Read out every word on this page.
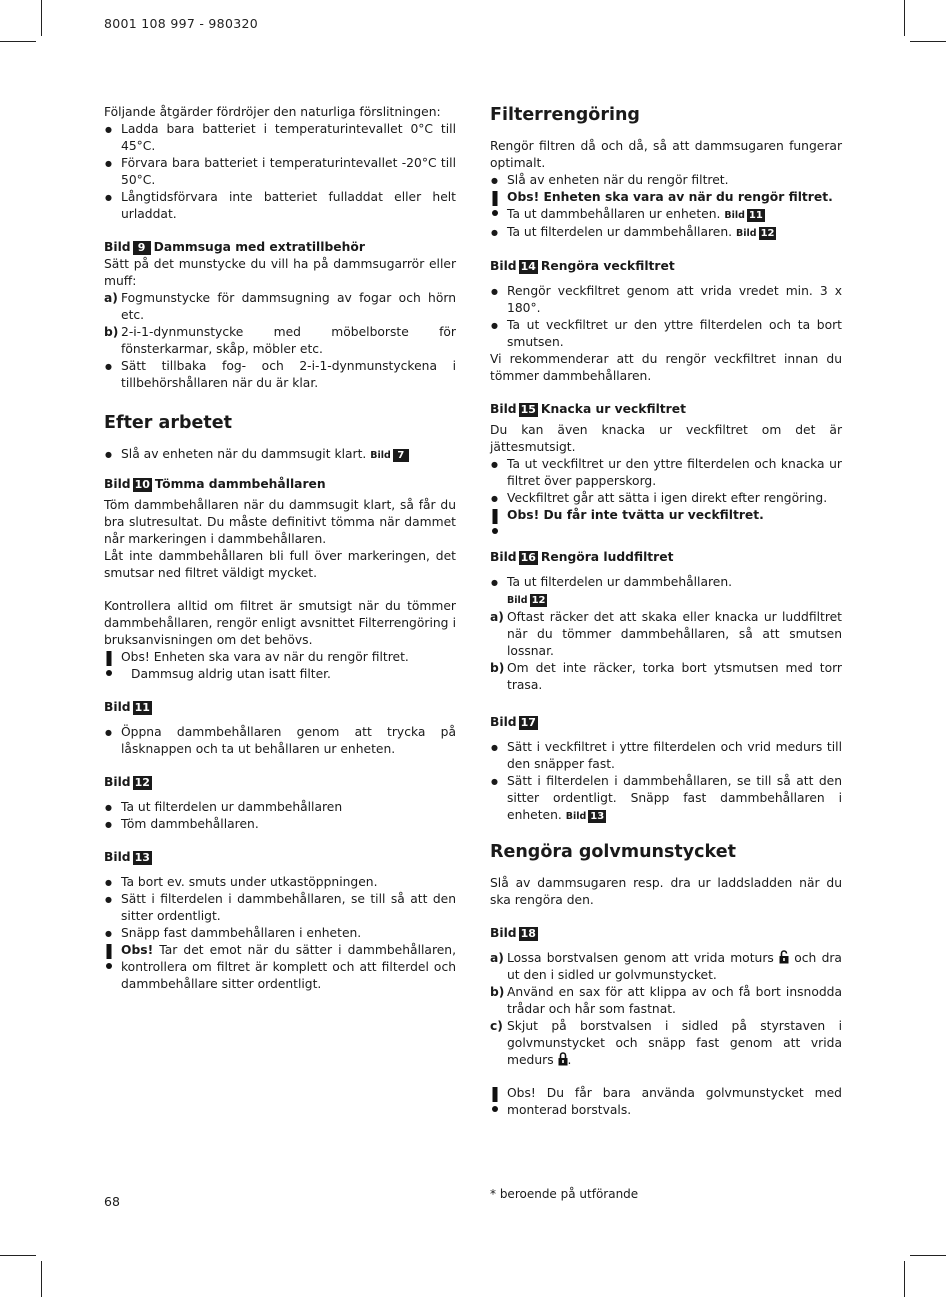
8001 108 997 - 980320

Följande åtgärder fördröjer den naturliga förslitningen:

● Ladda bara batteriet i temperaturintevallet 0°C till 45°C.
● Förvara bara batteriet i temperaturintevallet -20°C till 50°C.
● Långtidsförvara inte batteriet fulladdat eller helt urladdat.
Bild 9 Dammsuga med extratillbehör

Sätt på det munstycke du vill ha på dammsugarrör eller muff:

a) Fogmunstycke för dammsugning av fogar och hörn etc.
b) 2-i-1-dynmunstycke med möbelborste för fönsterkarmar, skåp, möbler etc.
● Sätt tillbaka fog- och 2-i-1-dynmunstyckena i tillbehörshållaren när du är klar.
Efter arbetet
● Slå av enheten när du dammsugit klart. Bild 7
Bild 10 Tömma dammbehållaren

Töm dammbehållaren när du dammsugit klart, så får du bra slutresultat. Du måste definitivt tömma när dammet når markeringen i dammbehållaren.

Låt inte dammbehållaren bli full över markeringen, det smutsar ned filtret väldigt mycket.

Kontrollera alltid om filtret är smutsigt när du tömmer dammbehållaren, rengör enligt avsnittet Filterrengöring i bruksanvisningen om det behövs.

Obs! Enheten ska vara av när du rengör filtret.
Dammsug aldrig utan isatt filter.
Bild 11
● Öppna dammbehållaren genom att trycka på låsknappen och ta ut behållaren ur enheten.
Bild 12
● Ta ut filterdelen ur dammbehållaren
● Töm dammbehållaren.
Bild 13
● Ta bort ev. smuts under utkastöppningen.
● Sätt i filterdelen i dammbehållaren, se till så att den sitter ordentligt.
● Snäpp fast dammbehållaren i enheten.

Obs! Tar det emot när du sätter i dammbehållaren, kontrollera om filtret är komplett och att filterdel och dammbehållare sitter ordentligt.

Filterrengöring

Rengör filtren då och då, så att dammsugaren fungerar optimalt.

● Slå av enheten när du rengör filtret.
Obs! Enheten ska vara av när du rengör filtret.
Ta ut dammbehållaren ur enheten. Bild 11
● Ta ut filterdelen ur dammbehållaren. Bild 12
Bild 14 Rengöra veckfiltret
● Rengör veckfiltret genom att vrida vredet min. 3 x 180°.
● Ta ut veckfiltret ur den yttre filterdelen och ta bort smutsen.

Vi rekommenderar att du rengör veckfiltret innan du tömmer dammbehållaren.

Bild 15 Knacka ur veckfiltret

Du kan även knacka ur veckfiltret om det är jättesmutsigt.

● Ta ut veckfiltret ur den yttre filterdelen och knacka ur filtret över papperskorg.
● Veckfiltret går att sätta i igen direkt efter rengöring.
Obs! Du får inte tvätta ur veckfiltret.

Bild 16 Rengöra luddfiltret
● Ta ut filterdelen ur dammbehållaren.
Bild 12
a) Oftast räcker det att skaka eller knacka ur luddfiltret när du tömmer dammbehållaren, så att smutsen lossnar.
b) Om det inte räcker, torka bort ytsmutsen med torr trasa.
Bild 17
● Sätt i veckfiltret i yttre filterdelen och vrid medurs till den snäpper fast.
● Sätt i filterdelen i dammbehållaren, se till så att den sitter ordentligt. Snäpp fast dammbehållaren i enheten. Bild 13
Rengöra golvmunstycket

Slå av dammsugaren resp. dra ur laddsladden när du ska rengöra den.

Bild 18
a) Lossa borstvalsen genom att vrida moturs och dra ut den i sidled ur golvmunstycket.
b) Använd en sax för att klippa av och få bort insnodda trådar och hår som fastnat.
c) Skjut på borstvalsen i sidled på styrstaven i golvmunstycket och snäpp fast genom att vrida medurs .

Obs! Du får bara använda golvmunstycket med monterad borstvals.

* beroende på utförande
68
